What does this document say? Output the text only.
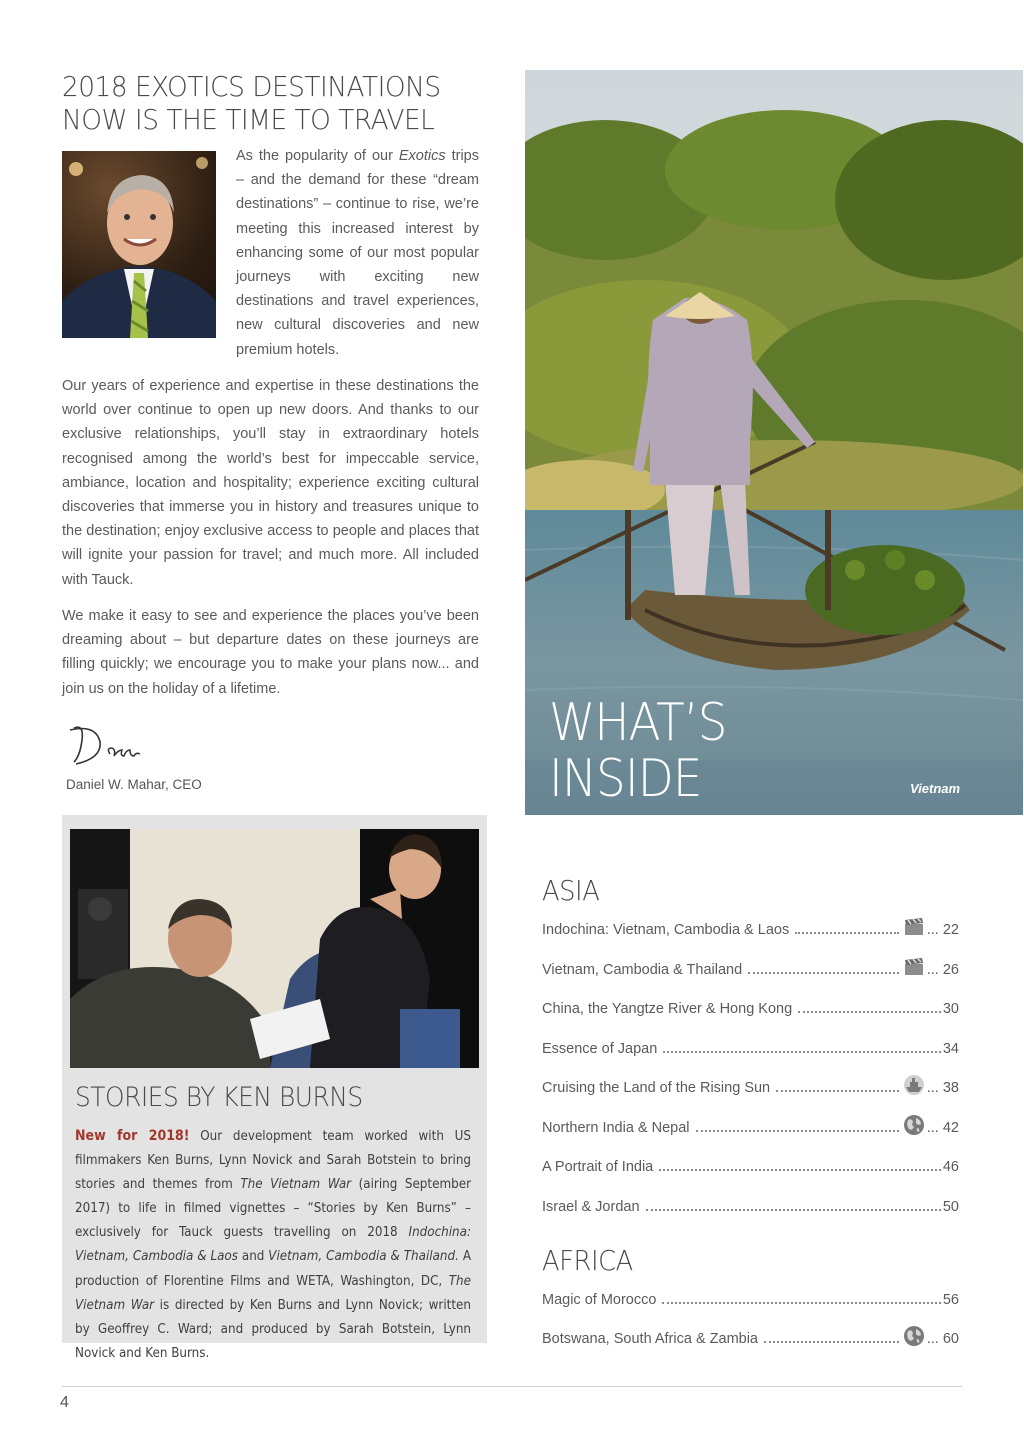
2018 EXOTICS DESTINATIONS
NOW IS THE TIME TO TRAVEL
As the popularity of our Exotics trips – and the demand for these “dream destinations” – continue to rise, we’re meeting this increased interest by enhancing some of our most popular journeys with exciting new destinations and travel experiences, new cultural discoveries and new premium hotels.
Our years of experience and expertise in these destinations the world over continue to open up new doors. And thanks to our exclusive relationships, you’ll stay in extraordinary hotels recognised among the world’s best for impeccable service, ambiance, location and hospitality; experience exciting cultural discoveries that immerse you in history and treasures unique to the destination; enjoy exclusive access to people and places that will ignite your passion for travel; and much more. All included with Tauck.
We make it easy to see and experience the places you’ve been dreaming about – but departure dates on these journeys are filling quickly; we encourage you to make your plans now... and join us on the holiday of a lifetime.
Daniel W. Mahar, CEO
STORIES BY KEN BURNS
New for 2018! Our development team worked with US filmmakers Ken Burns, Lynn Novick and Sarah Botstein to bring stories and themes from The Vietnam War (airing September 2017) to life in filmed vignettes – “Stories by Ken Burns” – exclusively for Tauck guests travelling on 2018 Indochina: Vietnam, Cambodia & Laos and Vietnam, Cambodia & Thailand. A production of Florentine Films and WETA, Washington, DC, The Vietnam War is directed by Ken Burns and Lynn Novick; written by Geoffrey C. Ward; and produced by Sarah Botstein, Lynn Novick and Ken Burns.
WHAT’S
INSIDE	Vietnam
ASIA
Indochina: Vietnam, Cambodia & Laos	... 22
Vietnam, Cambodia & Thailand	... 26
China, the Yangtze River & Hong Kong	30
Essence of Japan	34
Cruising the Land of the Rising Sun	... 38
Northern India & Nepal	... 42
A Portrait of India	46
Israel & Jordan	50
AFRICA
Magic of Morocco	56
Botswana, South Africa & Zambia	... 60
4
